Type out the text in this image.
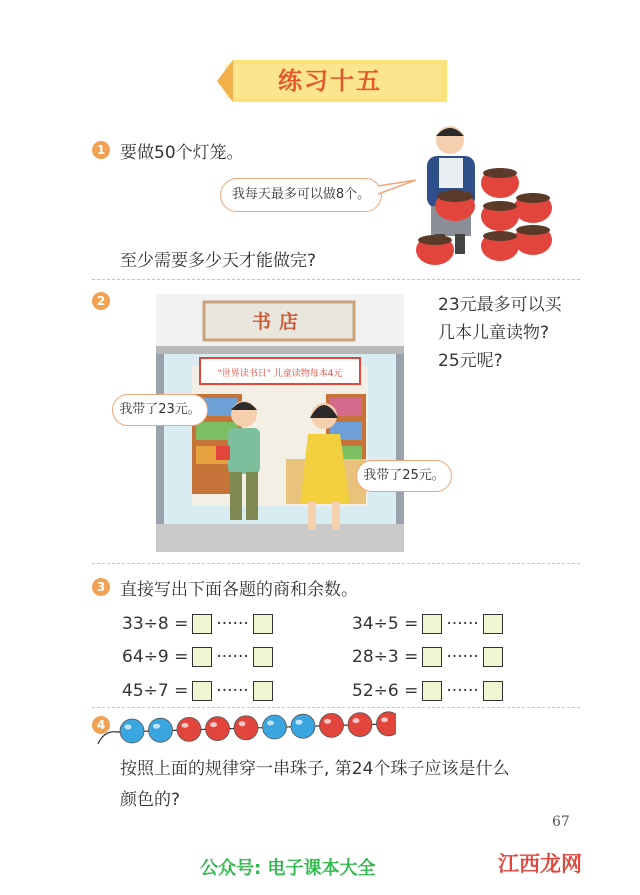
练习十五
1 要做50个灯笼。
我每天最多可以做8个。
至少需要多少天才能做完?
2
书店
"世界读书日" 儿童读物每本4元
我带了23元。
我带了25元。
23元最多可以买
几本儿童读物?
25元呢?
3 直接写出下面各题的商和余数。
33÷8 = ······
64÷9 = ······
45÷7 = ······
34÷5 = ······
28÷3 = ······
52÷6 = ······
4
按照上面的规律穿一串珠子, 第24个珠子应该是什么
颜色的?
67
公众号: 电子课本大全	江西龙网
